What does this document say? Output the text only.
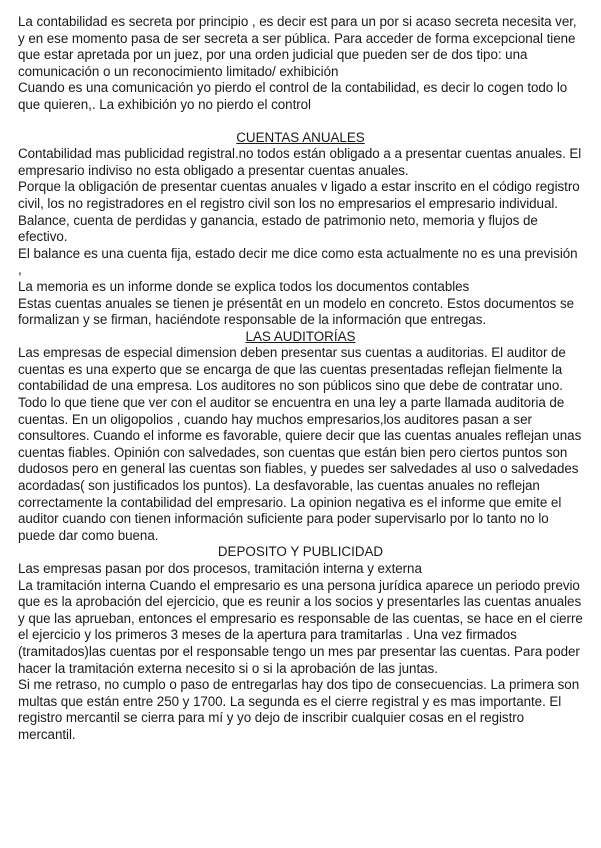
La contabilidad es secreta por principio , es decir est para un por si acaso secreta necesita ver, y en ese momento pasa de ser secreta a ser pública. Para acceder de forma excepcional tiene que estar apretada por un juez, por una orden judicial que pueden ser de dos tipo: una comunicación o un reconocimiento limitado/ exhibición

Cuando es una comunicación yo pierdo el control de la contabilidad, es decir lo cogen todo lo que quieren,. La exhibición yo no pierdo el control

CUENTAS ANUALES

Contabilidad mas publicidad registral.no todos están obligado a a presentar cuentas anuales. El empresario indiviso no esta obligado a presentar cuentas anuales.

Porque la obligación de presentar cuentas anuales v ligado a estar inscrito en el código registro civil, los no registradores en el registro civil son los no empresarios el empresario individual.

Balance, cuenta de perdidas y ganancia, estado de patrimonio neto, memoria y flujos de efectivo.

El balance es una cuenta fija, estado decir me dice como esta actualmente no es una previsión ,

La memoria es un informe donde se explica todos los documentos contables

Estas cuentas anuales se tienen je présentât en un modelo en concreto. Estos documentos se formalizan y se firman, haciéndote responsable de la información que entregas.

LAS AUDITORÍAS

Las empresas de especial dimension deben presentar sus cuentas a auditorias. El auditor de cuentas es una experto que se encarga de que las cuentas presentadas reflejan fielmente la contabilidad de una empresa. Los auditores no son públicos sino que debe de contratar uno. Todo lo que tiene que ver con el auditor se encuentra en una ley a parte llamada auditoria de cuentas. En un oligopolios , cuando hay muchos empresarios,los auditores pasan a ser consultores. Cuando el informe es favorable, quiere decir que las cuentas anuales reflejan unas cuentas fiables. Opinión con salvedades, son cuentas que están bien pero ciertos puntos son dudosos pero en general las cuentas son fiables, y puedes ser salvedades al uso o salvedades acordadas( son justificados los puntos). La desfavorable, las cuentas anuales no reflejan correctamente la contabilidad del empresario. La opinion negativa es el informe que emite el auditor cuando con tienen información suficiente para poder supervisarlo por lo tanto no lo puede dar como buena.

DEPOSITO Y PUBLICIDAD

Las empresas pasan por dos procesos, tramitación interna y externa

La tramitación interna Cuando el empresario es una persona jurídica aparece un periodo previo que es la aprobación del ejercicio, que es reunir a los socios y presentarles las cuentas anuales y que las aprueban, entonces el empresario es responsable de las cuentas, se hace en el cierre el ejercicio y los primeros 3 meses de la apertura para tramitarlas . Una vez firmados (tramitados)las cuentas por el responsable tengo un mes par presentar las cuentas. Para poder hacer la tramitación externa necesito si o si la aprobación de las juntas.

Si me retraso, no cumplo o paso de entregarlas hay dos tipo de consecuencias. La primera son multas que están entre 250 y 1700. La segunda es el cierre registral y es mas importante. El registro mercantil se cierra para mí y yo dejo de inscribir cualquier cosas en el registro mercantil.
